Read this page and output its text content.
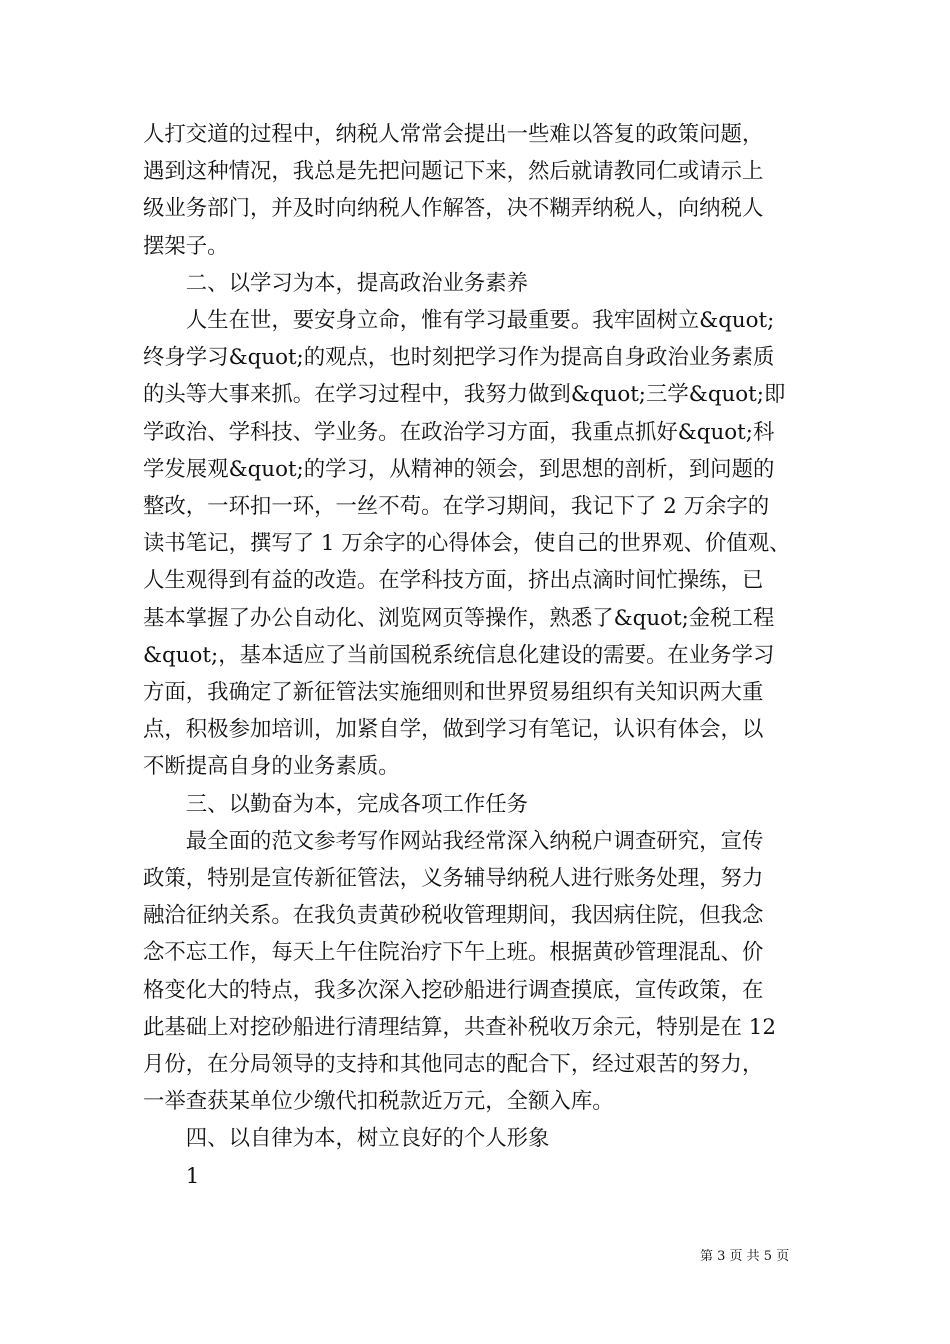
人打交道的过程中，纳税人常常会提出一些难以答复的政策问题，
遇到这种情况，我总是先把问题记下来，然后就请教同仁或请示上
级业务部门，并及时向纳税人作解答，决不糊弄纳税人，向纳税人
摆架子。
　　二、以学习为本，提高政治业务素养
　　人生在世，要安身立命，惟有学习最重要。我牢固树立&quot;
终身学习&quot;的观点，也时刻把学习作为提高自身政治业务素质
的头等大事来抓。在学习过程中，我努力做到&quot;三学&quot;即
学政治、学科技、学业务。在政治学习方面，我重点抓好&quot;科
学发展观&quot;的学习，从精神的领会，到思想的剖析，到问题的
整改，一环扣一环，一丝不苟。在学习期间，我记下了 2 万余字的
读书笔记，撰写了 1 万余字的心得体会，使自己的世界观、价值观、
人生观得到有益的改造。在学科技方面，挤出点滴时间忙操练，已
基本掌握了办公自动化、浏览网页等操作，熟悉了&quot;金税工程
&quot;，基本适应了当前国税系统信息化建设的需要。在业务学习
方面，我确定了新征管法实施细则和世界贸易组织有关知识两大重
点，积极参加培训，加紧自学，做到学习有笔记，认识有体会，以
不断提高自身的业务素质。
　　三、以勤奋为本，完成各项工作任务
　　最全面的范文参考写作网站我经常深入纳税户调查研究，宣传
政策，特别是宣传新征管法，义务辅导纳税人进行账务处理，努力
融洽征纳关系。在我负责黄砂税收管理期间，我因病住院，但我念
念不忘工作，每天上午住院治疗下午上班。根据黄砂管理混乱、价
格变化大的特点，我多次深入挖砂船进行调查摸底，宣传政策，在
此基础上对挖砂船进行清理结算，共查补税收万余元，特别是在 12
月份，在分局领导的支持和其他同志的配合下，经过艰苦的努力，
一举查获某单位少缴代扣税款近万元，全额入库。
　　四、以自律为本，树立良好的个人形象
　　1
第 3 页 共 5 页
